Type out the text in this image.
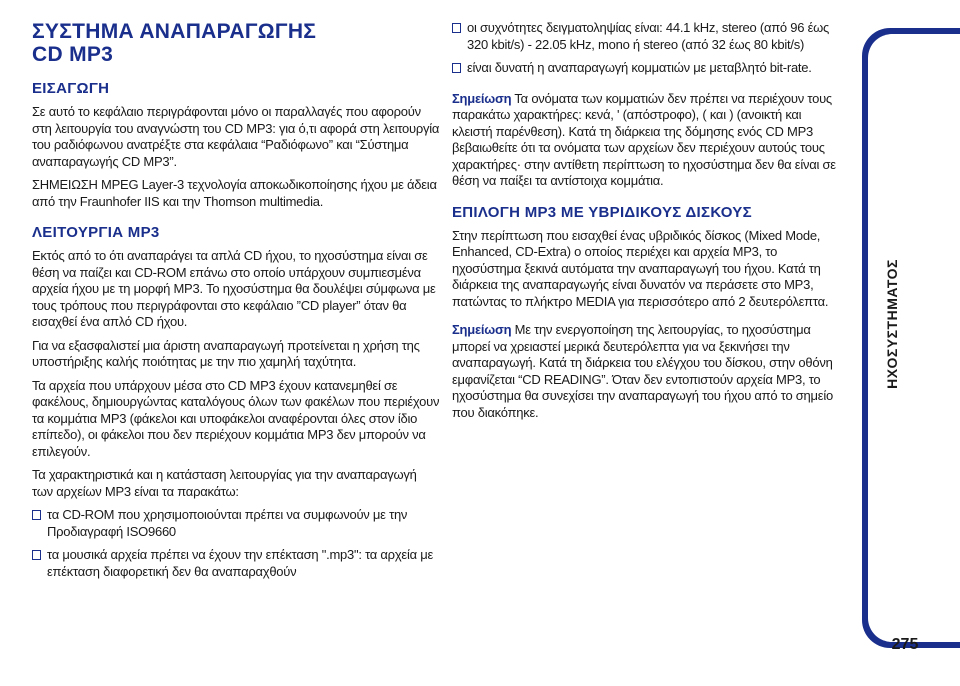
ΣΥΣΤΗΜΑ ΑΝΑΠΑΡΑΓΩΓΗΣ
CD MP3
ΕΙΣΑΓΩΓΗ

Σε αυτό το κεφάλαιο περιγράφονται μόνο οι παραλλαγές που αφορούν στη λειτουργία του αναγνώστη του CD MP3: για ό,τι αφορά στη λειτουργία του ραδιόφωνου ανατρέξτε στα κεφάλαια “Ραδιόφωνο” και “Σύστημα αναπαραγωγής CD MP3”.

ΣΗΜΕΙΩΣΗ MPEG Layer-3 τεχνολογία αποκωδικοποίησης ήχου με άδεια από την Fraunhofer IIS και την Thomson multimedia.

ΛΕΙΤΟΥΡΓΙΑ MP3

Εκτός από το ότι αναπαράγει τα απλά CD ήχου, το ηχοσύστημα είναι σε θέση να παίζει και CD-ROM επάνω στο οποίο υπάρχουν συμπιεσμένα αρχεία ήχου με τη μορφή MP3. Το ηχοσύστημα θα δουλέψει σύμφωνα με τους τρόπους που περιγράφονται στο κεφάλαιο ”CD player” όταν θα εισαχθεί ένα απλό CD ήχου.

Για να εξασφαλιστεί μια άριστη αναπαραγωγή προτείνεται η χρήση της υποστήριξης καλής ποιότητας με την πιο χαμηλή ταχύτητα.

Τα αρχεία που υπάρχουν μέσα στο CD MP3 έχουν κατανεμηθεί σε φακέλους, δημιουργώντας καταλόγους όλων των φακέλων που περιέχουν τα κομμάτια MP3 (φάκελοι και υποφάκελοι αναφέρονται όλες στον ίδιο επίπεδο), οι φάκελοι που δεν περιέχουν κομμάτια MP3 δεν μπορούν να επιλεγούν.

Τα χαρακτηριστικά και η κατάσταση λειτουργίας για την αναπαραγωγή των αρχείων MP3 είναι τα παρακάτω:

τα CD-ROM που χρησιμοποιούνται πρέπει να συμφωνούν με την Προδιαγραφή ISO9660
τα μουσικά αρχεία πρέπει να έχουν την επέκταση ".mp3": τα αρχεία με επέκταση διαφορετική δεν θα αναπαραχθούν
οι συχνότητες δειγματοληψίας είναι: 44.1 kHz, stereo (από 96 έως 320 kbit/s) - 22.05 kHz, mono ή stereo (από 32 έως 80 kbit/s)
είναι δυνατή η αναπαραγωγή κομματιών με μεταβλητό bit-rate.

Σημείωση Τα ονόματα των κομματιών δεν πρέπει να περιέχουν τους παρακάτω χαρακτήρες: κενά, ' (απόστροφο), ( και ) (ανοικτή και κλειστή παρένθεση). Κατά τη διάρκεια της δόμησης ενός CD MP3 βεβαιωθείτε ότι τα ονόματα των αρχείων δεν περιέχουν αυτούς τους χαρακτήρες· στην αντίθετη περίπτωση το ηχοσύστημα δεν θα είναι σε θέση να παίξει τα αντίστοιχα κομμάτια.

ΕΠΙΛΟΓΗ MP3 ΜΕ ΥΒΡΙΔΙΚΟΥΣ ΔΙΣΚΟΥΣ

Στην περίπτωση που εισαχθεί ένας υβριδικός δίσκος (Mixed Mode, Enhanced, CD-Extra) ο οποίος περιέχει και αρχεία MP3, το ηχοσύστημα ξεκινά αυτόματα την αναπαραγωγή του ήχου. Κατά τη διάρκεια της αναπαραγωγής είναι δυνατόν να περάσετε στο MP3, πατώντας το πλήκτρο MEDIA για περισσότερο από 2 δευτερόλεπτα.

Σημείωση Με την ενεργοποίηση της λειτουργίας, το ηχοσύστημα μπορεί να χρειαστεί μερικά δευτερόλεπτα για να ξεκινήσει την αναπαραγωγή. Κατά τη διάρκεια του ελέγχου του δίσκου, στην οθόνη εμφανίζεται “CD READING”. Όταν δεν εντοπιστούν αρχεία MP3, το ηχοσύστημα θα συνεχίσει την αναπαραγωγή του ήχου από το σημείο που διακόπηκε.

ΗΧΟΣΥΣΤΗΜΑΤΟΣ
275
